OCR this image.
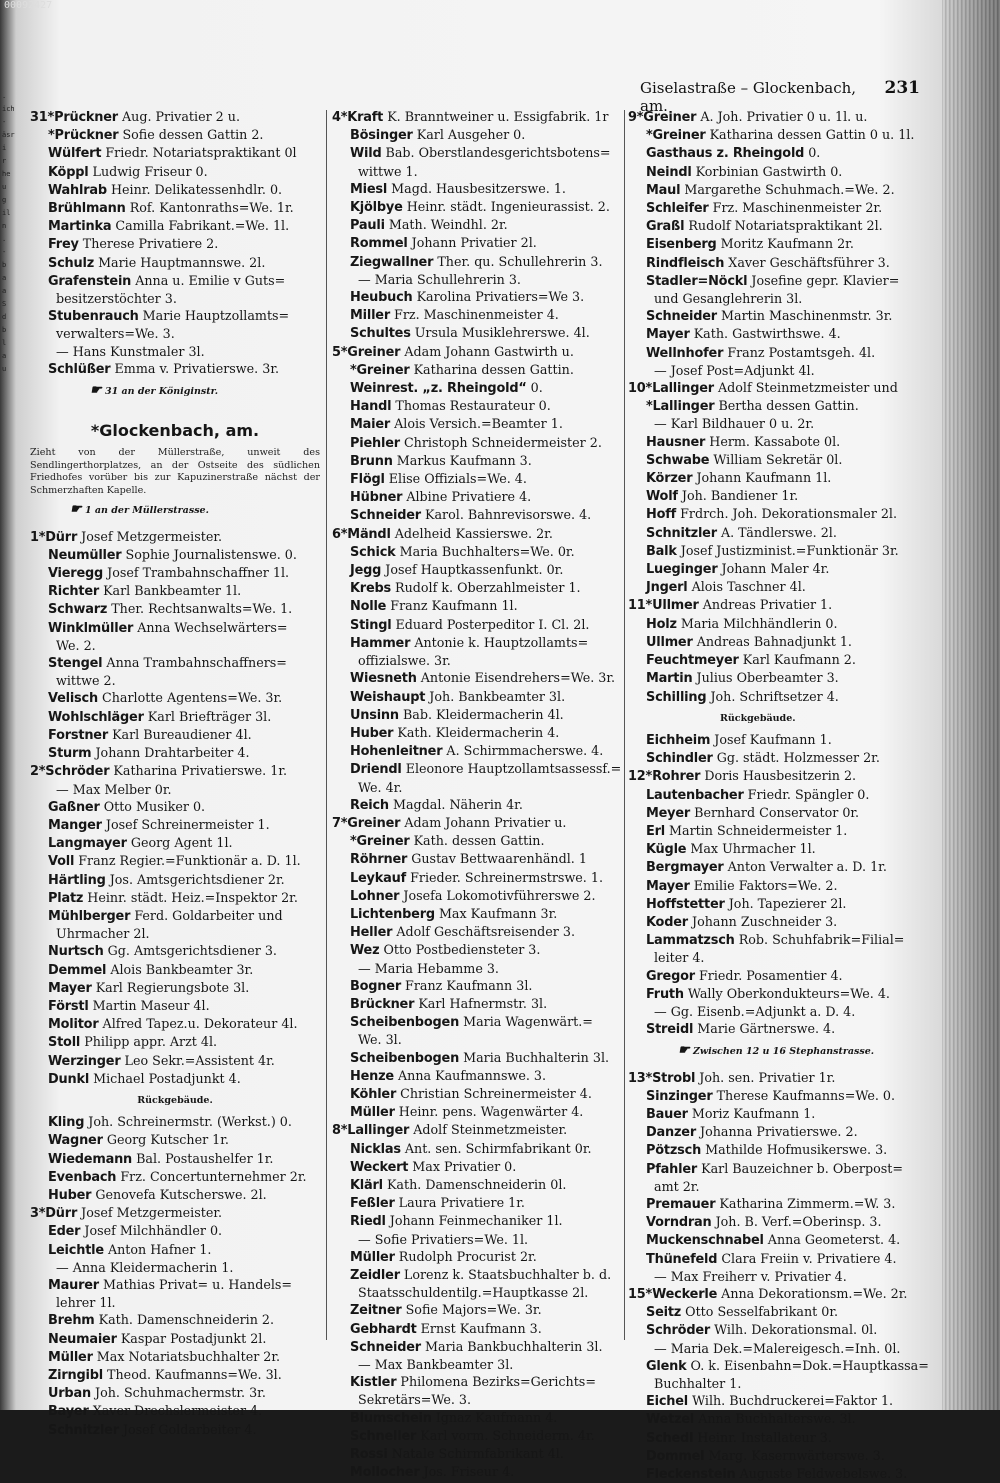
00092427
.
ich
-
äsr
i
r
he
u
g
il
n
.
-
b
a
a
S
d
b
l
a
u
Giselastraße – Glockenbach, am.
231
31*Prückner Aug. Privatier 2 u.
*Prückner Sofie dessen Gattin 2.
Wülfert Friedr. Notariatspraktikant 0l
Köppl Ludwig Friseur 0.
Wahlrab Heinr. Delikatessenhdlr. 0.
Brühlmann Rof. Kantonraths=We. 1r.
Martinka Camilla Fabrikant.=We. 1l.
Frey Therese Privatiere 2.
Schulz Marie Hauptmannswe. 2l.
Grafenstein Anna u. Emilie v Guts=
besitzerstöchter 3.
Stubenrauch Marie Hauptzollamts=
verwalters=We. 3.
— Hans Kunstmaler 3l.
Schlüßer Emma v. Privatierswe. 3r.
☛ 31 an der Königinstr.
*Glockenbach, am.
Zieht von der Müllerstraße, unweit des Sendlingerthorplatzes, an der Ostseite des südlichen Friedhofes vorüber bis zur Kapuzinerstraße nächst der Schmerzhaften Kapelle.
☛ 1 an der Müllerstrasse.
1*Dürr Josef Metzgermeister.
Neumüller Sophie Journalistenswe. 0.
Vieregg Josef Trambahnschaffner 1l.
Richter Karl Bankbeamter 1l.
Schwarz Ther. Rechtsanwalts=We. 1.
Winklmüller Anna Wechselwärters=
We. 2.
Stengel Anna Trambahnschaffners=
wittwe 2.
Velisch Charlotte Agentens=We. 3r.
Wohlschläger Karl Briefträger 3l.
Forstner Karl Bureaudiener 4l.
Sturm Johann Drahtarbeiter 4.
2*Schröder Katharina Privatierswe. 1r.
— Max Melber 0r.
Gaßner Otto Musiker 0.
Manger Josef Schreinermeister 1.
Langmayer Georg Agent 1l.
Voll Franz Regier.=Funktionär a. D. 1l.
Härtling Jos. Amtsgerichtsdiener 2r.
Platz Heinr. städt. Heiz.=Inspektor 2r.
Mühlberger Ferd. Goldarbeiter und
Uhrmacher 2l.
Nurtsch Gg. Amtsgerichtsdiener 3.
Demmel Alois Bankbeamter 3r.
Mayer Karl Regierungsbote 3l.
Förstl Martin Maseur 4l.
Molitor Alfred Tapez.u. Dekorateur 4l.
Stoll Philipp appr. Arzt 4l.
Werzinger Leo Sekr.=Assistent 4r.
Dunkl Michael Postadjunkt 4.
Rückgebäude.
Kling Joh. Schreinermstr. (Werkst.) 0.
Wagner Georg Kutscher 1r.
Wiedemann Bal. Postaushelfer 1r.
Evenbach Frz. Concertunternehmer 2r.
Huber Genovefa Kutscherswe. 2l.
3*Dürr Josef Metzgermeister.
Eder Josef Milchhändler 0.
Leichtle Anton Hafner 1.
— Anna Kleidermacherin 1.
Maurer Mathias Privat= u. Handels=
lehrer 1l.
Brehm Kath. Damenschneiderin 2.
Neumaier Kaspar Postadjunkt 2l.
Müller Max Notariatsbuchhalter 2r.
Zirngibl Theod. Kaufmanns=We. 3l.
Urban Joh. Schuhmachermstr. 3r.
Bayer Xaver Drechslermeister 4.
Schnitzler Josef Goldarbeiter 4.
4*Kraft K. Branntweiner u. Essigfabrik. 1r
Bösinger Karl Ausgeher 0.
Wild Bab. Oberstlandesgerichtsbotens=
wittwe 1.
Miesl Magd. Hausbesitzerswe. 1.
Kjölbye Heinr. städt. Ingenieurassist. 2.
Pauli Math. Weindhl. 2r.
Rommel Johann Privatier 2l.
Ziegwallner Ther. qu. Schullehrerin 3.
— Maria Schullehrerin 3.
Heubuch Karolina Privatiers=We 3.
Miller Frz. Maschinenmeister 4.
Schultes Ursula Musiklehrerswe. 4l.
5*Greiner Adam Johann Gastwirth u.
*Greiner Katharina dessen Gattin.
Weinrest. „z. Rheingold“ 0.
Handl Thomas Restaurateur 0.
Maier Alois Versich.=Beamter 1.
Piehler Christoph Schneidermeister 2.
Brunn Markus Kaufmann 3.
Flögl Elise Offizials=We. 4.
Hübner Albine Privatiere 4.
Schneider Karol. Bahnrevisorswe. 4.
6*Mändl Adelheid Kassierswe. 2r.
Schick Maria Buchhalters=We. 0r.
Jegg Josef Hauptkassenfunkt. 0r.
Krebs Rudolf k. Oberzahlmeister 1.
Nolle Franz Kaufmann 1l.
Stingl Eduard Posterpeditor I. Cl. 2l.
Hammer Antonie k. Hauptzollamts=
offizialswe. 3r.
Wiesneth Antonie Eisendrehers=We. 3r.
Weishaupt Joh. Bankbeamter 3l.
Unsinn Bab. Kleidermacherin 4l.
Huber Kath. Kleidermacherin 4.
Hohenleitner A. Schirmmacherswe. 4.
Driendl Eleonore Hauptzollamtsassessf.=
We. 4r.
Reich Magdal. Näherin 4r.
7*Greiner Adam Johann Privatier u.
*Greiner Kath. dessen Gattin.
Röhrner Gustav Bettwaarenhändl. 1
Leykauf Frieder. Schreinermstrswe. 1.
Lohner Josefa Lokomotivführerswe 2.
Lichtenberg Max Kaufmann 3r.
Heller Adolf Geschäftsreisender 3.
Wez Otto Postbediensteter 3.
— Maria Hebamme 3.
Bogner Franz Kaufmann 3l.
Brückner Karl Hafnermstr. 3l.
Scheibenbogen Maria Wagenwärt.=
We. 3l.
Scheibenbogen Maria Buchhalterin 3l.
Henze Anna Kaufmannswe. 3.
Köhler Christian Schreinermeister 4.
Müller Heinr. pens. Wagenwärter 4.
8*Lallinger Adolf Steinmetzmeister.
Nicklas Ant. sen. Schirmfabrikant 0r.
Weckert Max Privatier 0.
Klärl Kath. Damenschneiderin 0l.
Feßler Laura Privatiere 1r.
Riedl Johann Feinmechaniker 1l.
— Sofie Privatiers=We. 1l.
Müller Rudolph Procurist 2r.
Zeidler Lorenz k. Staatsbuchhalter b. d.
Staatsschuldentilg.=Hauptkasse 2l.
Zeitner Sofie Majors=We. 3r.
Gebhardt Ernst Kaufmann 3.
Schneider Maria Bankbuchhalterin 3l.
— Max Bankbeamter 3l.
Kistler Philomena Bezirks=Gerichts=
Sekretärs=We. 3.
Blumschein Ignaz Kaufmann 4.
Schneller Karl vorm. Schneiderm. 4r.
Rossi Natale Schirmfabrikant 4l.
Mollocher Jos. Friseur 4.
9*Greiner A. Joh. Privatier 0 u. 1l. u.
*Greiner Katharina dessen Gattin 0 u. 1l.
Gasthaus z. Rheingold 0.
Neindl Korbinian Gastwirth 0.
Maul Margarethe Schuhmach.=We. 2.
Schleifer Frz. Maschinenmeister 2r.
Graßl Rudolf Notariatspraktikant 2l.
Eisenberg Moritz Kaufmann 2r.
Rindfleisch Xaver Geschäftsführer 3.
Stadler=Nöckl Josefine gepr. Klavier=
und Gesanglehrerin 3l.
Schneider Martin Maschinenmstr. 3r.
Mayer Kath. Gastwirthswe. 4.
Wellnhofer Franz Postamtsgeh. 4l.
— Josef Post=Adjunkt 4l.
10*Lallinger Adolf Steinmetzmeister und
*Lallinger Bertha dessen Gattin.
— Karl Bildhauer 0 u. 2r.
Hausner Herm. Kassabote 0l.
Schwabe William Sekretär 0l.
Körzer Johann Kaufmann 1l.
Wolf Joh. Bandiener 1r.
Hoff Frdrch. Joh. Dekorationsmaler 2l.
Schnitzler A. Tändlerswe. 2l.
Balk Josef Justizminist.=Funktionär 3r.
Lueginger Johann Maler 4r.
Jngerl Alois Taschner 4l.
11*Ullmer Andreas Privatier 1.
Holz Maria Milchhändlerin 0.
Ullmer Andreas Bahnadjunkt 1.
Feuchtmeyer Karl Kaufmann 2.
Martin Julius Oberbeamter 3.
Schilling Joh. Schriftsetzer 4.
Rückgebäude.
Eichheim Josef Kaufmann 1.
Schindler Gg. städt. Holzmesser 2r.
12*Rohrer Doris Hausbesitzerin 2.
Lautenbacher Friedr. Spängler 0.
Meyer Bernhard Conservator 0r.
Erl Martin Schneidermeister 1.
Kügle Max Uhrmacher 1l.
Bergmayer Anton Verwalter a. D. 1r.
Mayer Emilie Faktors=We. 2.
Hoffstetter Joh. Tapezierer 2l.
Koder Johann Zuschneider 3.
Lammatzsch Rob. Schuhfabrik=Filial=
leiter 4.
Gregor Friedr. Posamentier 4.
Fruth Wally Oberkondukteurs=We. 4.
— Gg. Eisenb.=Adjunkt a. D. 4.
Streidl Marie Gärtnerswe. 4.
☛ Zwischen 12 u 16 Stephanstrasse.
13*Strobl Joh. sen. Privatier 1r.
Sinzinger Therese Kaufmanns=We. 0.
Bauer Moriz Kaufmann 1.
Danzer Johanna Privatierswe. 2.
Pötzsch Mathilde Hofmusikerswe. 3.
Pfahler Karl Bauzeichner b. Oberpost=
amt 2r.
Premauer Katharina Zimmerm.=W. 3.
Vorndran Joh. B. Verf.=Oberinsp. 3.
Muckenschnabel Anna Geometerst. 4.
Thünefeld Clara Freiin v. Privatiere 4.
— Max Freiherr v. Privatier 4.
15*Weckerle Anna Dekorationsm.=We. 2r.
Seitz Otto Sesselfabrikant 0r.
Schröder Wilh. Dekorationsmal. 0l.
— Maria Dek.=Malereigesch.=Inh. 0l.
Glenk O. k. Eisenbahn=Dok.=Hauptkassa=
Buchhalter 1.
Eichel Wilh. Buchdruckerei=Faktor 1.
Wetzel Anna Buchhalterswe. 3l.
Schedl Heinr. Installateur 3.
Dommel Marg. Kasernwärterswe. 3.
Fleckenstein Auguste Feldwebelswe. 3.
